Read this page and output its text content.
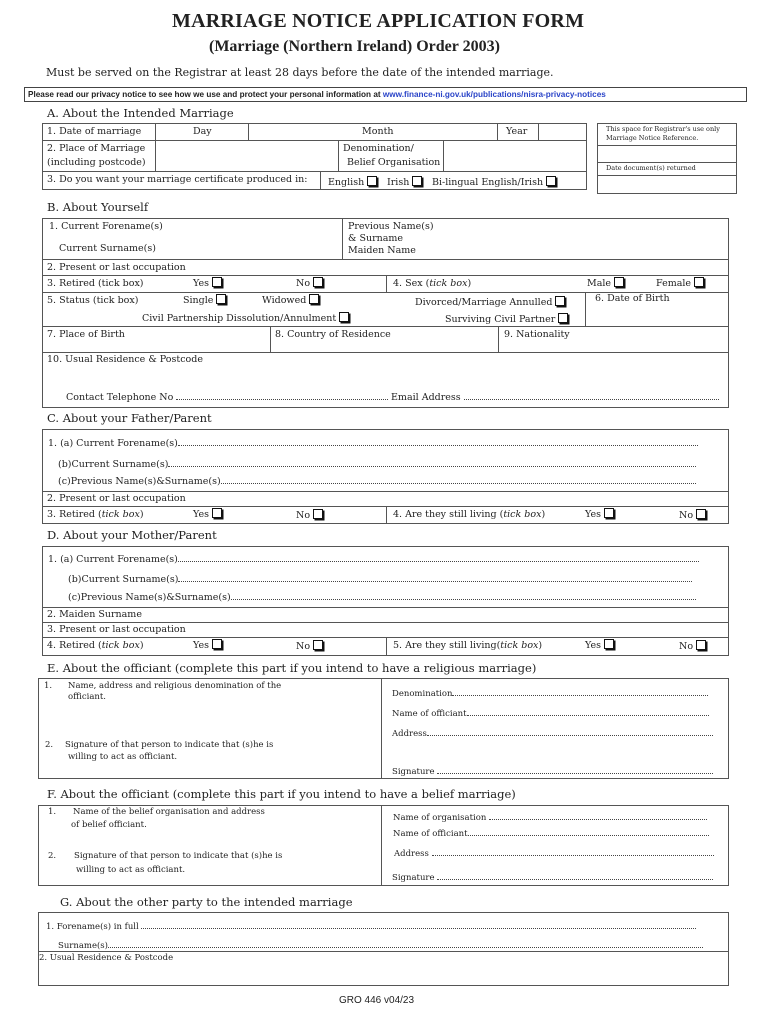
MARRIAGE NOTICE APPLICATION FORM
(Marriage (Northern Ireland) Order 2003)
Must be served on the Registrar at least 28 days before the date of the intended marriage.
Please read our privacy notice to see how we use and protect your personal information at www.finance-ni.gov.uk/publications/nisra-privacy-notices
A. About the Intended Marriage
1. Date of marriage	Day	Month	Year
2. Place of Marriage
(including postcode)
Denomination/
Belief Organisation
3. Do you want your marriage certificate produced in: English	Irish	Bi-lingual English/Irish
This space for Registrar's use only
Marriage Notice Reference.
Date document(s) returned
B. About Yourself
1. Current Forename(s)
Current Surname(s)
Previous Name(s)
& Surname
Maiden Name
2. Present or last occupation
3. Retired (tick box)	Yes	No	4. Sex (tick box)	Male	Female
5. Status (tick box)	Single	Widowed	Divorced/Marriage Annulled	6. Date of Birth
Civil Partnership Dissolution/Annulment	Surviving Civil Partner
7. Place of Birth	8. Country of Residence	9. Nationality
10. Usual Residence & Postcode
Contact Telephone No	Email Address
C. About your Father/Parent
1. (a) Current Forename(s)
(b)Current Surname(s)
(c)Previous Name(s)&Surname(s)
2. Present or last occupation
3. Retired (tick box)	Yes	No	4. Are they still living (tick box)	Yes	No
D. About your Mother/Parent
1. (a) Current Forename(s)
(b)Current Surname(s)
(c)Previous Name(s)&Surname(s)
2. Maiden Surname
3. Present or last occupation
4. Retired (tick box)	Yes	No	5. Are they still living(tick box)	Yes	No
E. About the officiant (complete this part if you intend to have a religious marriage)
1. Name, address and religious denomination of the
officiant.
2. Signature of that person to indicate that (s)he is
willing to act as officiant.
Denomination
Name of officiant
Address
Signature
F. About the officiant (complete this part if you intend to have a belief marriage)
1. Name of the belief organisation and address
of belief officiant.
2. Signature of that person to indicate that (s)he is
willing to act as officiant.
Name of organisation
Name of officiant
Address
Signature
G. About the other party to the intended marriage
1. Forename(s) in full
Surname(s)
2. Usual Residence & Postcode
GRO 446 v04/23
